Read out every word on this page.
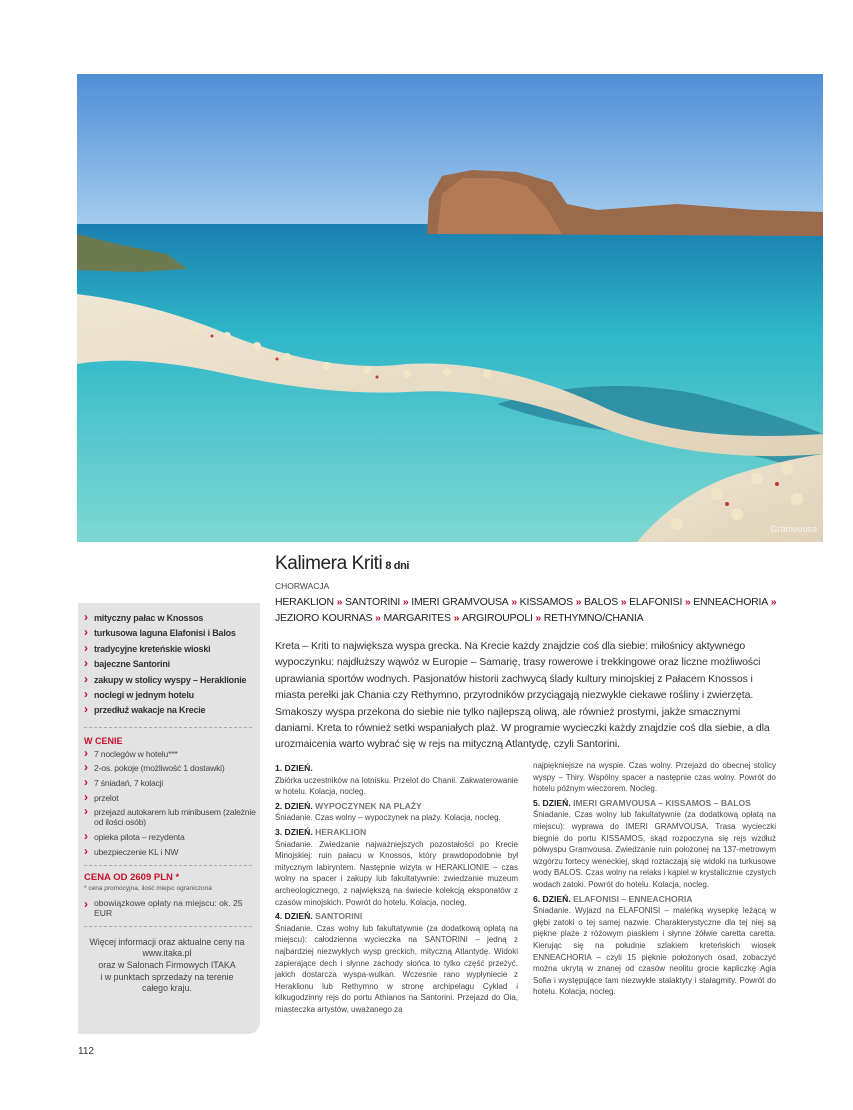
Gramvousa
› mityczny pałac w Knossos
› turkusowa laguna Elafonisi i Balos
› tradycyjne kreteńskie wioski
› bajeczne Santorini
› zakupy w stolicy wyspy – Heraklionie
› noclegi w jednym hotelu
› przedłuż wakacje na Krecie
W CENIE
› 7 noclegów w hotelu***
› 2-os. pokoje (możliwość 1 dostawki)
› 7 śniadań, 7 kolacji
› przelot
› przejazd autokarem lub minibusem (zależnie od ilości osób)
› opieka pilota – rezydenta
› ubezpieczenie KL i NW
CENA OD 2609 PLN *
* cena promocyjna, ilość miejsc ograniczona
› obowiązkowe opłaty na miejscu: ok. 25 EUR
Więcej informacji oraz aktualne ceny na
www.itaka.pl
oraz w Salonach Firmowych ITAKA
i w punktach sprzedaży na terenie
całego kraju.
Kalimera Kriti 8 dni
CHORWACJA
HERAKLION » SANTORINI » IMERI GRAMVOUSA » KISSAMOS » BALOS » ELAFONISI » ENNEACHORIA » JEZIORO KOURNAS » MARGARITES » ARGIROUPOLI » RETHYMNO/CHANIA
Kreta – Kriti to największa wyspa grecka. Na Krecie każdy znajdzie coś dla siebie: miłośnicy aktywnego wypoczynku: najdłuższy wąwóz w Europie – Samarię, trasy rowerowe i trekkingowe oraz liczne możliwości uprawiania sportów wodnych. Pasjonatów historii zachwycą ślady kultury minojskiej z Pałacem Knossos i miasta perełki jak Chania czy Rethymno, przyrodników przyciągają niezwykle ciekawe rośliny i zwierzęta. Smakoszy wyspa przekona do siebie nie tylko najlepszą oliwą, ale również prostymi, jakże smacznymi daniami. Kreta to również setki wspaniałych plaż. W programie wycieczki każdy znajdzie coś dla siebie, a dla urozmaicenia warto wybrać się w rejs na mityczną Atlantydę, czyli Santorini.
1. DZIEŃ.

Zbiórka uczestników na lotnisku. Przelot do Chanii. Zakwaterowanie w hotelu. Kolacja, nocleg.

2. DZIEŃ. WYPOCZYNEK NA PLAŻY

Śniadanie. Czas wolny – wypoczynek na plaży. Kolacja, nocleg.

3. DZIEŃ. HERAKLION

Śniadanie. Zwiedzanie najważniejszych pozostałości po Krecie Minojskiej: ruin pałacu w Knossos, który prawdopodobnie był mitycznym labiryntem. Następnie wizyta w HERAKLIONIE – czas wolny na spacer i zakupy lub fakultatywnie: zwiedzanie muzeum archeologicznego, z największą na świecie kolekcją eksponatów z czasów minojskich. Powrót do hotelu. Kolacja, nocleg.

4. DZIEŃ. SANTORINI

Śniadanie. Czas wolny lub fakultatywnie (za dodatkową opłatą na miejscu): całodzienna wycieczka na SANTORINI – jedną z najbardziej niezwykłych wysp greckich, mityczną Atlantydę. Widoki zapierające dech i słynne zachody słońca to tylko część przeżyć, jakich dostarcza wyspa-wulkan. Wczesnie rano wypłyniecie z Heraklionu lub Rethymno w stronę archipelagu Cyklad i kilkugodzinny rejs do portu Athianos na Santorini. Przejazd do Oia, miasteczka artystów, uważanego za

najpiękniejsze na wyspie. Czas wolny. Przejazd do obecnej stolicy wyspy – Thiry. Wspólny spacer a następnie czas wolny. Powrót do hotelu późnym wieczorem. Nocleg.

5. DZIEŃ. IMERI GRAMVOUSA – KISSAMOS – BALOS

Śniadanie. Czas wolny lub fakultatywnie (za dodatkową opłatą na miejscu): wyprawa do IMERI GRAMVOUSA. Trasa wycieczki biegnie do portu KISSAMOS, skąd rozpoczyna się rejs wzdłuż półwyspu Gramvousa. Zwiedzanie ruin położonej na 137-metrowym wzgórzu fortecy weneckiej, skąd roztaczają się widoki na turkusowe wody BALOS. Czas wolny na relaks i kąpiel w krystalicznie czystych wodach zatoki. Powrót do hotelu. Kolacja, nocleg.

6. DZIEŃ. ELAFONISI – ENNEACHORIA

Śniadanie. Wyjazd na ELAFONISI – maleńką wysepkę leżącą w głębi zatoki o tej samej nazwie. Charakterystyczne dla tej niej są piękne plaże z różowym piaskiem i słynne żółwie caretta caretta. Kierując się na południe szlakiem kreteńskich wiosek ENNEACHORIA – czyli 15 pięknie położonych osad, zobaczyć można ukrytą w znanej od czasów neolitu grocie kapliczkę Agia Sofia i występujące tam niezwykłe stalaktyty i stalagmity. Powrót do hotelu. Kolacja, nocleg.

112
